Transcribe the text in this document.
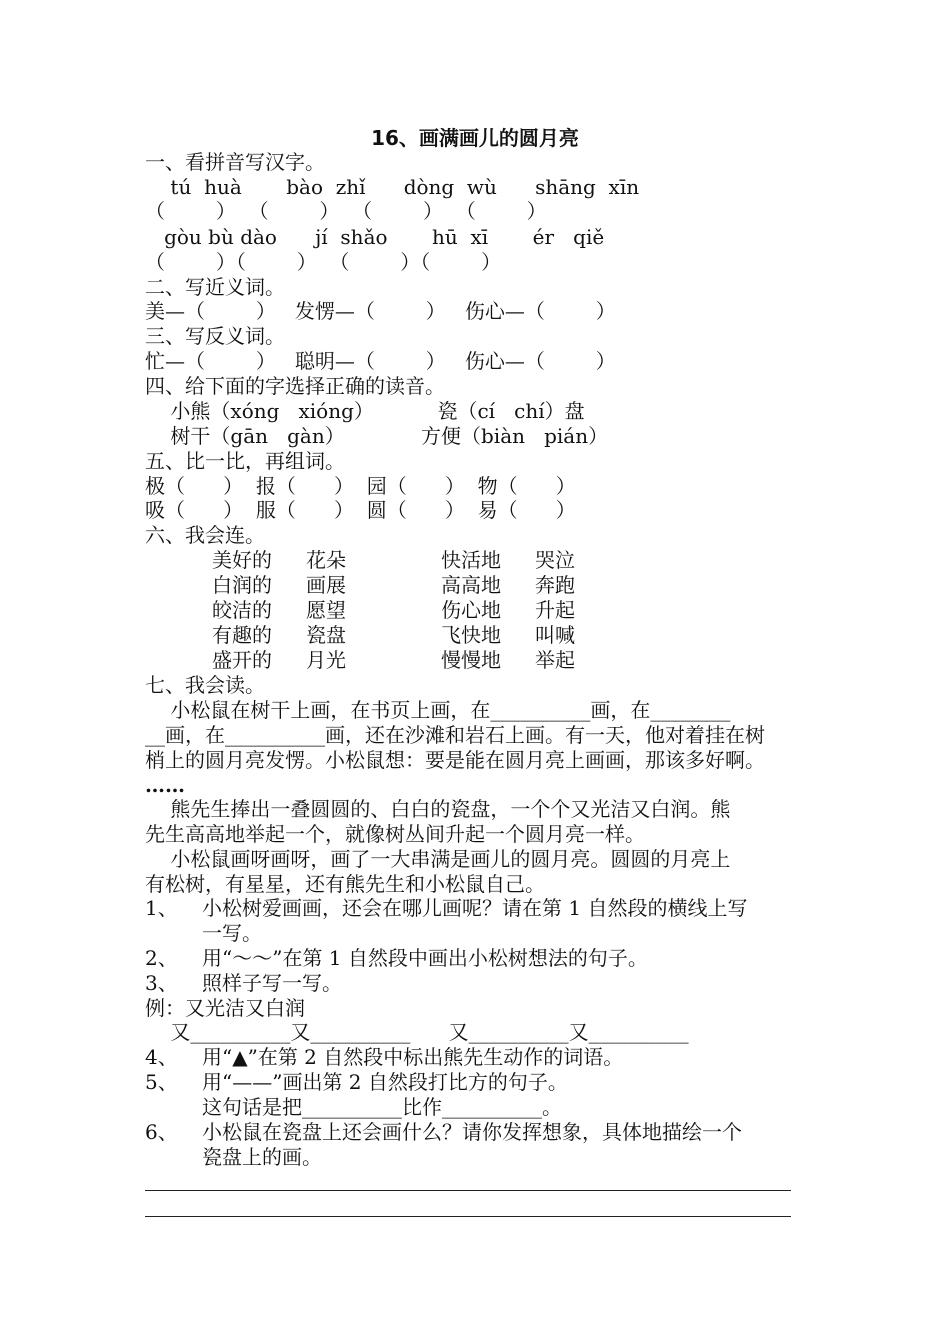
16、画满画儿的圆月亮

一、看拼音写汉字。

tú  huà       bào  zhǐ      dòng  wù      shāng  xīn

（        ）  （        ）  （        ）  （        ）

gòu bù dào      jí  shǎo       hū  xī       ér   qiě

（        ）（        ）  （        ）（        ）

二、写近义词。

美—（        ）   发愣—（        ）   伤心—（        ）

三、写反义词。

忙—（        ）   聪明—（        ）   伤心—（        ）

四、给下面的字选择正确的读音。

小熊（xóng   xióng）          瓷（cí   chí）盘

树干（gān   gàn）            方便（biàn   pián）

五、比一比，再组词。

极（      ）  报（      ）  园（      ）  物（      ）

吸（      ）  服（      ）  圆（      ）  易（      ）

六、我会连。

美好的 花朵	快活地 哭泣
白润的 画展	高高地 奔跑
皎洁的 愿望	伤心地 升起
有趣的 瓷盘	飞快地 叫喊
盛开的 月光	慢慢地 举起

七、我会读。

小松鼠在树干上画，在书页上画，在__________画，在________

__画，在__________画，还在沙滩和岩石上画。有一天，他对着挂在树

梢上的圆月亮发愣。小松鼠想：要是能在圆月亮上画画，那该多好啊。

……

熊先生捧出一叠圆圆的、白白的瓷盘，一个个又光洁又白润。熊

先生高高地举起一个，就像树丛间升起一个圆月亮一样。

小松鼠画呀画呀，画了一大串满是画儿的圆月亮。圆圆的月亮上

有松树，有星星，还有熊先生和小松鼠自己。

1、 小松树爱画画，还会在哪儿画呢？请在第 1 自然段的横线上写
一写。
2、 用“～～”在第 1 自然段中画出小松树想法的句子。
3、 照样子写一写。

例：又光洁又白润

又__________又__________      又__________又__________

4、 用“▲”在第 2 自然段中标出熊先生动作的词语。
5、 用“——”画出第 2 自然段打比方的句子。
这句话是把__________比作__________。
6、 小松鼠在瓷盘上还会画什么？请你发挥想象，具体地描绘一个
瓷盘上的画。
